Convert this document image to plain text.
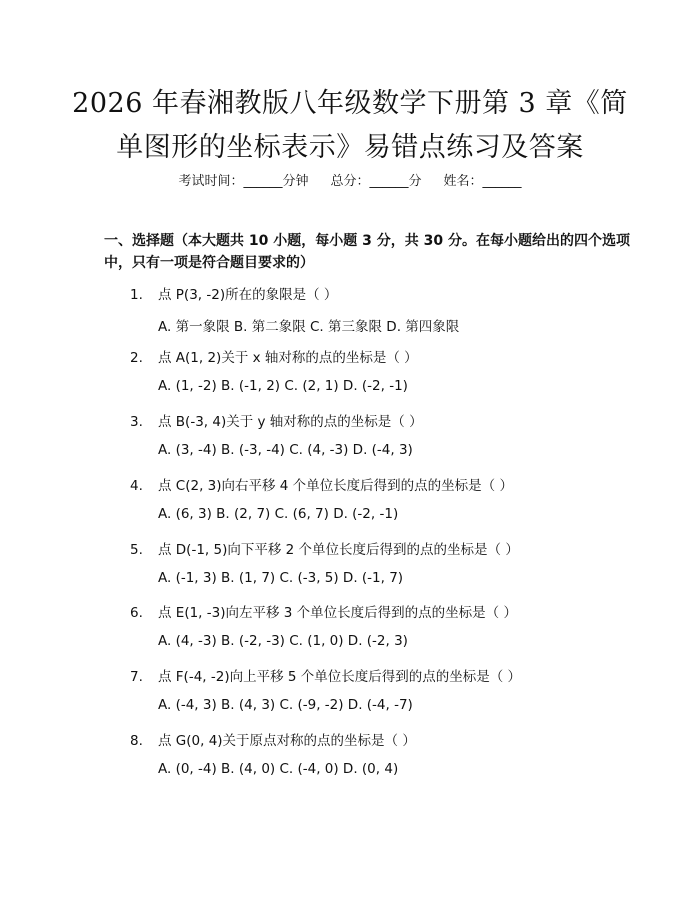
2026 年春湘教版八年级数学下册第 3 章《简
单图形的坐标表示》易错点练习及答案
考试时间：______分钟 总分：______分 姓名：______
一、选择题（本大题共 10 小题，每小题 3 分，共 30 分。在每小题给出的四个选项中，只有一项是符合题目要求的）
1. 点 P(3, -2)所在的象限是（ ）
A. 第一象限 B. 第二象限 C. 第三象限 D. 第四象限
2. 点 A(1, 2)关于 x 轴对称的点的坐标是（ ）
A. (1, -2) B. (-1, 2) C. (2, 1) D. (-2, -1)
3. 点 B(-3, 4)关于 y 轴对称的点的坐标是（ ）
A. (3, -4) B. (-3, -4) C. (4, -3) D. (-4, 3)
4. 点 C(2, 3)向右平移 4 个单位长度后得到的点的坐标是（ ）
A. (6, 3) B. (2, 7) C. (6, 7) D. (-2, -1)
5. 点 D(-1, 5)向下平移 2 个单位长度后得到的点的坐标是（ ）
A. (-1, 3) B. (1, 7) C. (-3, 5) D. (-1, 7)
6. 点 E(1, -3)向左平移 3 个单位长度后得到的点的坐标是（ ）
A. (4, -3) B. (-2, -3) C. (1, 0) D. (-2, 3)
7. 点 F(-4, -2)向上平移 5 个单位长度后得到的点的坐标是（ ）
A. (-4, 3) B. (4, 3) C. (-9, -2) D. (-4, -7)
8. 点 G(0, 4)关于原点对称的点的坐标是（ ）
A. (0, -4) B. (4, 0) C. (-4, 0) D. (0, 4)
